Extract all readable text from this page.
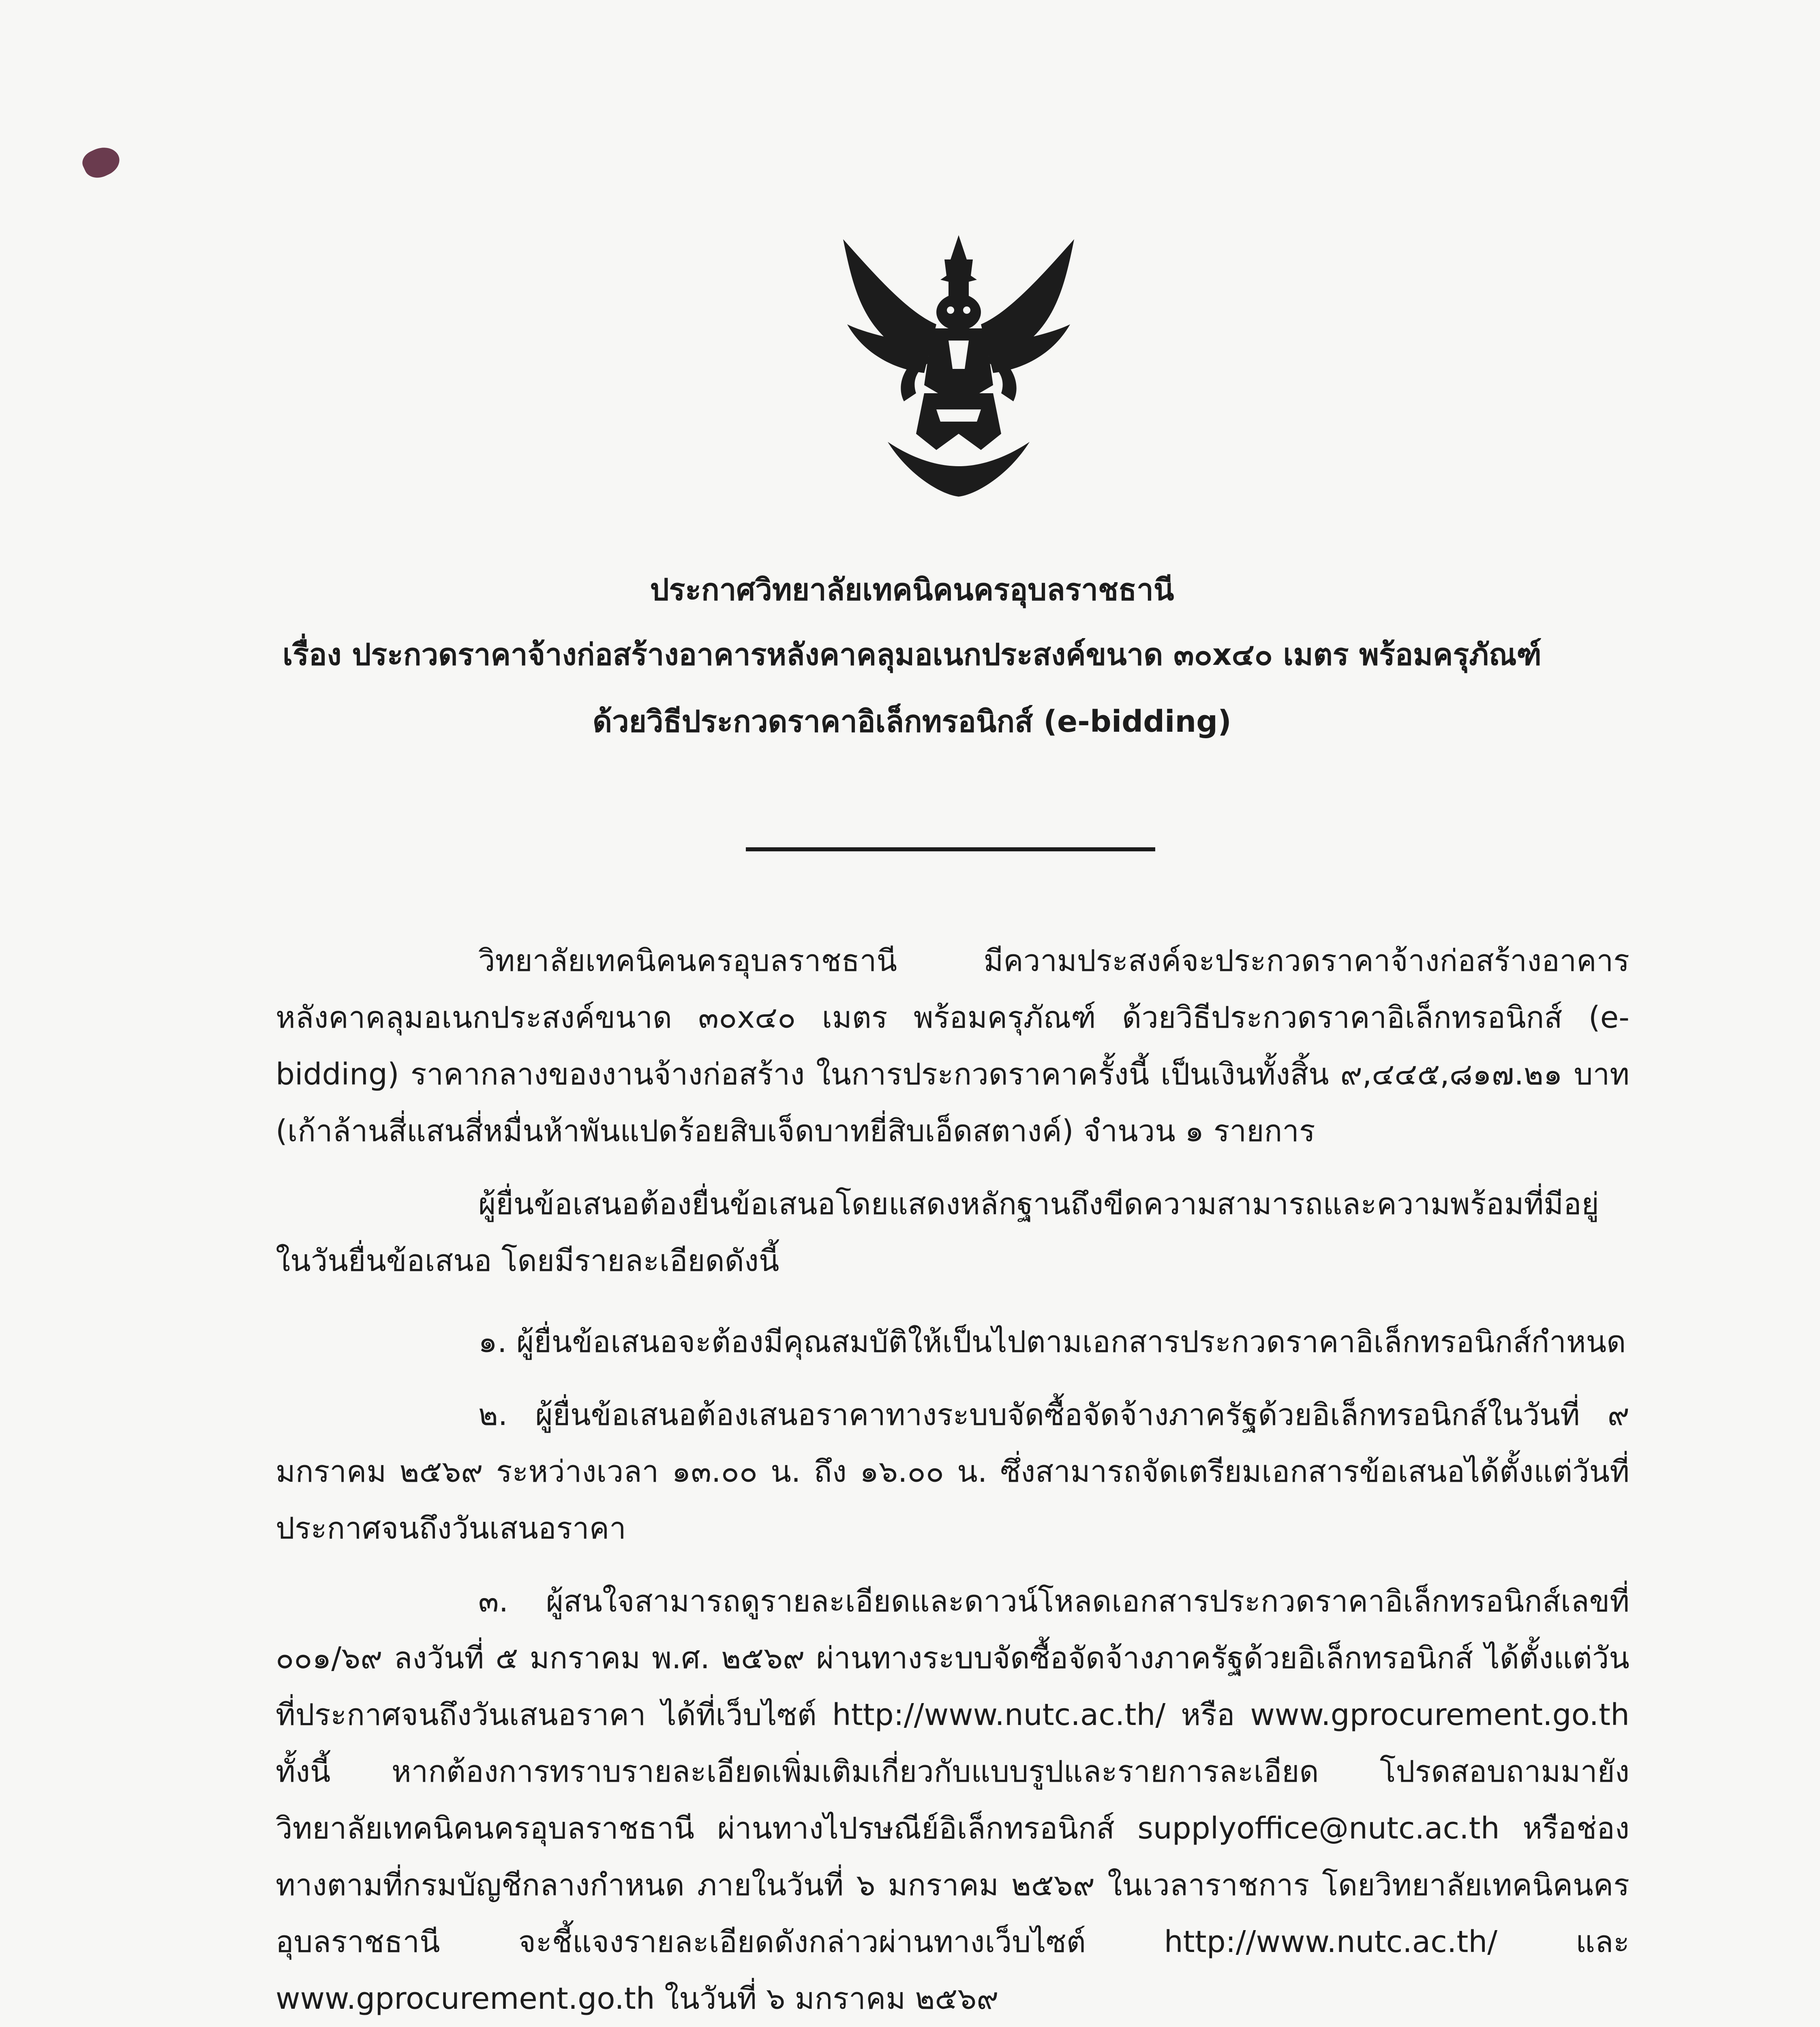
ประกาศวิทยาลัยเทคนิคนครอุบลราชธานี
เรื่อง ประกวดราคาจ้างก่อสร้างอาคารหลังคาคลุมอเนกประสงค์ขนาด ๓๐x๔๐ เมตร พร้อมครุภัณฑ์
ด้วยวิธีประกวดราคาอิเล็กทรอนิกส์ (e-bidding)
วิทยาลัยเทคนิคนครอุบลราชธานี มีความประสงค์จะประกวดราคาจ้างก่อสร้างอาคารหลังคาคลุมอเนกประสงค์ขนาด ๓๐x๔๐ เมตร พร้อมครุภัณฑ์ ด้วยวิธีประกวดราคาอิเล็กทรอนิกส์ (e-bidding) ราคากลางของงานจ้างก่อสร้าง ในการประกวดราคาครั้งนี้ เป็นเงินทั้งสิ้น ๙,๔๔๕,๘๑๗.๒๑ บาท (เก้าล้านสี่แสนสี่หมื่นห้าพันแปดร้อยสิบเจ็ดบาทยี่สิบเอ็ดสตางค์) จำนวน ๑ รายการ
ผู้ยื่นข้อเสนอต้องยื่นข้อเสนอโดยแสดงหลักฐานถึงขีดความสามารถและความพร้อมที่มีอยู่ในวันยื่นข้อเสนอ โดยมีรายละเอียดดังนี้
๑. ผู้ยื่นข้อเสนอจะต้องมีคุณสมบัติให้เป็นไปตามเอกสารประกวดราคาอิเล็กทรอนิกส์กำหนด
๒. ผู้ยื่นข้อเสนอต้องเสนอราคาทางระบบจัดซื้อจัดจ้างภาครัฐด้วยอิเล็กทรอนิกส์ในวันที่ ๙ มกราคม ๒๕๖๙ ระหว่างเวลา ๑๓.๐๐ น. ถึง ๑๖.๐๐ น. ซึ่งสามารถจัดเตรียมเอกสารข้อเสนอได้ตั้งแต่วันที่ประกาศจนถึงวันเสนอราคา
๓. ผู้สนใจสามารถดูรายละเอียดและดาวน์โหลดเอกสารประกวดราคาอิเล็กทรอนิกส์เลขที่ ๐๐๑/๖๙ ลงวันที่ ๕ มกราคม พ.ศ. ๒๕๖๙ ผ่านทางระบบจัดซื้อจัดจ้างภาครัฐด้วยอิเล็กทรอนิกส์ ได้ตั้งแต่วันที่ประกาศจนถึงวันเสนอราคา ได้ที่เว็บไซต์ http://www.nutc.ac.th/ หรือ www.gprocurement.go.th ทั้งนี้ หากต้องการทราบรายละเอียดเพิ่มเติมเกี่ยวกับแบบรูปและรายการละเอียด โปรดสอบถามมายัง วิทยาลัยเทคนิคนครอุบลราชธานี ผ่านทางไปรษณีย์อิเล็กทรอนิกส์ supplyoffice@nutc.ac.th หรือช่องทางตามที่กรมบัญชีกลางกำหนด ภายในวันที่ ๖ มกราคม ๒๕๖๙ ในเวลาราชการ โดยวิทยาลัยเทคนิคนครอุบลราชธานี จะชี้แจงรายละเอียดดังกล่าวผ่านทางเว็บไซต์ http://www.nutc.ac.th/ และ www.gprocurement.go.th ในวันที่ ๖ มกราคม ๒๕๖๙
